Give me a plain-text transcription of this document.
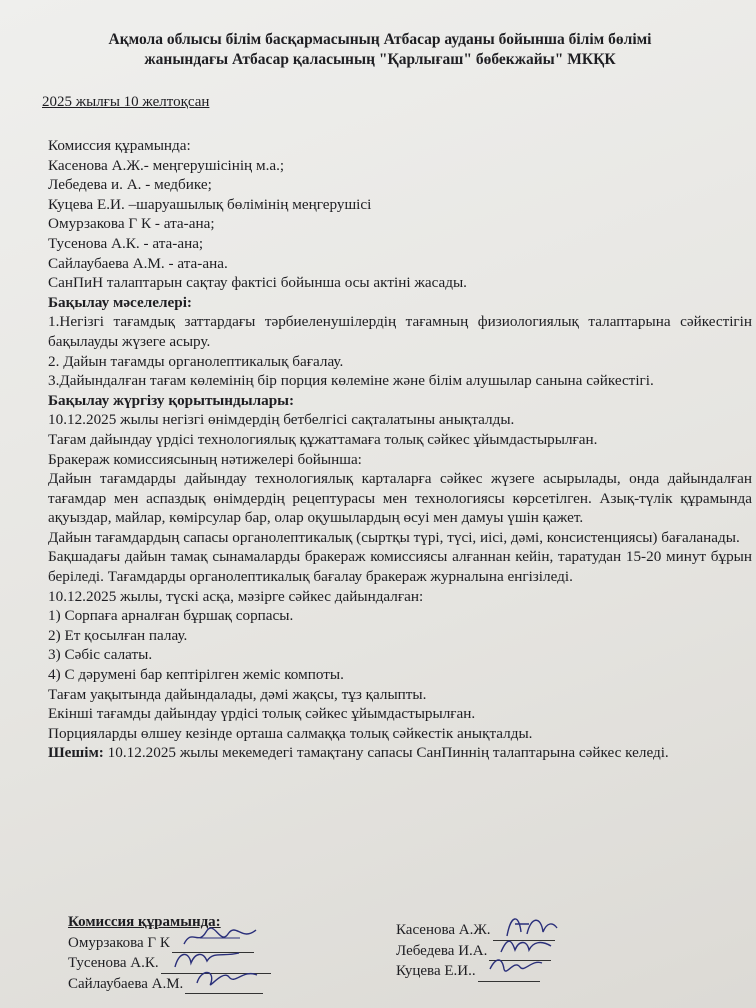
Ақмола облысы білім басқармасының Атбасар ауданы бойынша білім бөлімі
жанындағы Атбасар қаласының "Қарлығаш" бөбекжайы" МКҚК
2025 жылғы 10 желтоқсан

Комиссия құрамында:

Касенова А.Ж.- меңгерушісінің м.а.;

Лебедева и. А. - медбике;

Куцева Е.И. –шаруашылық бөлімінің меңгерушісі

Омурзакова Г К - ата-ана;

Тусенова А.К. - ата-ана;

Сайлаубаева А.М. - ата-ана.

СанПиН талаптарын сақтау фактісі бойынша осы актіні жасады.

Бақылау мәселелері:

1.Негізгі тағамдық заттардағы тәрбиеленушілердің тағамның физиологиялық талаптарына сәйкестігін бақылауды жүзеге асыру.

2. Дайын тағамды органолептикалық бағалау.

3.Дайындалған тағам көлемінің бір порция көлеміне және білім алушылар санына сәйкестігі.

Бақылау жүргізу қорытындылары:

10.12.2025 жылы негізгі өнімдердің бетбелгісі сақталатыны анықталды.

Тағам дайындау үрдісі технологиялық құжаттамаға толық сәйкес ұйымдастырылған.

Бракераж комиссиясының нәтижелері бойынша:

Дайын тағамдарды дайындау технологиялық карталарға сәйкес жүзеге асырылады, онда дайындалған тағамдар мен аспаздық өнімдердің рецептурасы мен технологиясы көрсетілген. Азық-түлік құрамында ақуыздар, майлар, көмірсулар бар, олар оқушылардың өсуі мен дамуы үшін қажет.

Дайын тағамдардың сапасы органолептикалық (сыртқы түрі, түсі, иісі, дәмі, консистенциясы) бағаланады.

Бақшадағы дайын тамақ сынамаларды бракераж комиссиясы алғаннан кейін, таратудан 15-20 минут бұрын беріледі. Тағамдарды органолептикалық бағалау бракераж журналына енгізіледі.

10.12.2025 жылы, түскі асқа, мәзірге сәйкес дайындалған:

1) Сорпаға арналған бұршақ сорпасы.

2) Ет қосылған палау.

3) Сәбіс салаты.

4) С дәрумені бар кептірілген жеміс компоты.

Тағам уақытында дайындалады, дәмі жақсы, тұз қалыпты.

Екінші тағамды дайындау үрдісі толық сәйкес ұйымдастырылған.

Порцияларды өлшеу кезінде орташа салмаққа толық сәйкестік анықталды.

Шешім: 10.12.2025 жылы мекемедегі тамақтану сапасы СанПиннің талаптарына сәйкес келеді.

Комиссия құрамында:
Омурзакова Г К
Тусенова А.К.
Сайлаубаева А.М.
Касенова А.Ж.
Лебедева И.А.
Куцева Е.И..
